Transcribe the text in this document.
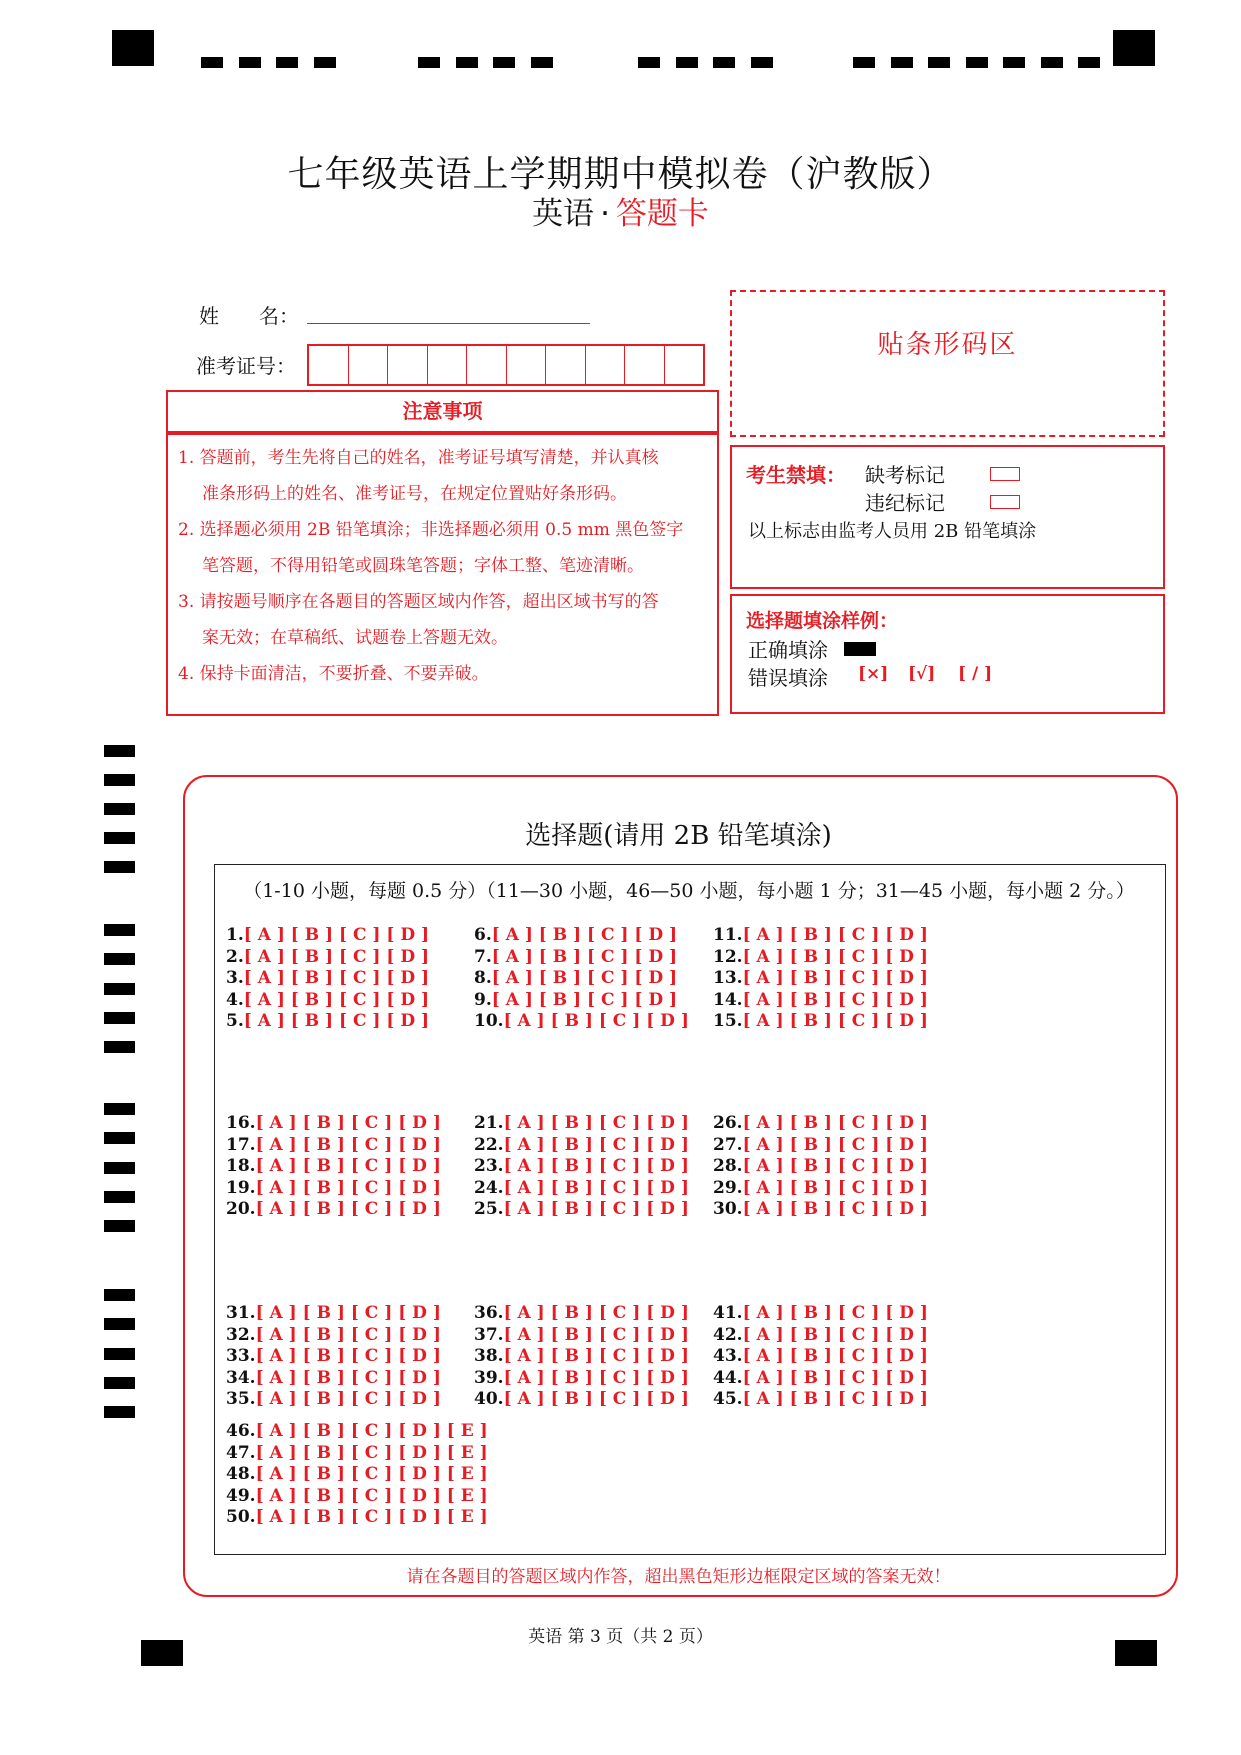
七年级英语上学期期中模拟卷（沪教版）
英语 · 答题卡
姓　　名：
准考证号：
注意事项
1. 答题前，考生先将自己的姓名，准考证号填写清楚，并认真核
准条形码上的姓名、准考证号，在规定位置贴好条形码。
2. 选择题必须用 2B 铅笔填涂；非选择题必须用 0.5 mm 黑色签字
笔答题，不得用铅笔或圆珠笔答题；字体工整、笔迹清晰。
3. 请按题号顺序在各题目的答题区域内作答，超出区域书写的答
案无效；在草稿纸、试题卷上答题无效。
4. 保持卡面清洁，不要折叠、不要弄破。
贴条形码区
考生禁填： 缺考标记
违纪标记
以上标志由监考人员用 2B 铅笔填涂
选择题填涂样例：
正确填涂
错误填涂 [×] [√] [ / ]
选择题(请用 2B 铅笔填涂)
（1-10 小题，每题 0.5 分）（11—30 小题，46—50 小题，每小题 1 分；31—45 小题，每小题 2 分。）
1.[ A ] [ B ] [ C ] [ D ]
2.[ A ] [ B ] [ C ] [ D ]
3.[ A ] [ B ] [ C ] [ D ]
4.[ A ] [ B ] [ C ] [ D ]
5.[ A ] [ B ] [ C ] [ D ]
6.[ A ] [ B ] [ C ] [ D ]
7.[ A ] [ B ] [ C ] [ D ]
8.[ A ] [ B ] [ C ] [ D ]
9.[ A ] [ B ] [ C ] [ D ]
10.[ A ] [ B ] [ C ] [ D ]
11.[ A ] [ B ] [ C ] [ D ]
12.[ A ] [ B ] [ C ] [ D ]
13.[ A ] [ B ] [ C ] [ D ]
14.[ A ] [ B ] [ C ] [ D ]
15.[ A ] [ B ] [ C ] [ D ]
16.[ A ] [ B ] [ C ] [ D ]
17.[ A ] [ B ] [ C ] [ D ]
18.[ A ] [ B ] [ C ] [ D ]
19.[ A ] [ B ] [ C ] [ D ]
20.[ A ] [ B ] [ C ] [ D ]
21.[ A ] [ B ] [ C ] [ D ]
22.[ A ] [ B ] [ C ] [ D ]
23.[ A ] [ B ] [ C ] [ D ]
24.[ A ] [ B ] [ C ] [ D ]
25.[ A ] [ B ] [ C ] [ D ]
26.[ A ] [ B ] [ C ] [ D ]
27.[ A ] [ B ] [ C ] [ D ]
28.[ A ] [ B ] [ C ] [ D ]
29.[ A ] [ B ] [ C ] [ D ]
30.[ A ] [ B ] [ C ] [ D ]
31.[ A ] [ B ] [ C ] [ D ]
32.[ A ] [ B ] [ C ] [ D ]
33.[ A ] [ B ] [ C ] [ D ]
34.[ A ] [ B ] [ C ] [ D ]
35.[ A ] [ B ] [ C ] [ D ]
36.[ A ] [ B ] [ C ] [ D ]
37.[ A ] [ B ] [ C ] [ D ]
38.[ A ] [ B ] [ C ] [ D ]
39.[ A ] [ B ] [ C ] [ D ]
40.[ A ] [ B ] [ C ] [ D ]
41.[ A ] [ B ] [ C ] [ D ]
42.[ A ] [ B ] [ C ] [ D ]
43.[ A ] [ B ] [ C ] [ D ]
44.[ A ] [ B ] [ C ] [ D ]
45.[ A ] [ B ] [ C ] [ D ]
46.[ A ] [ B ] [ C ] [ D ] [ E ]
47.[ A ] [ B ] [ C ] [ D ] [ E ]
48.[ A ] [ B ] [ C ] [ D ] [ E ]
49.[ A ] [ B ] [ C ] [ D ] [ E ]
50.[ A ] [ B ] [ C ] [ D ] [ E ]
请在各题目的答题区域内作答，超出黑色矩形边框限定区域的答案无效！
英语 第 3 页（共 2 页）
